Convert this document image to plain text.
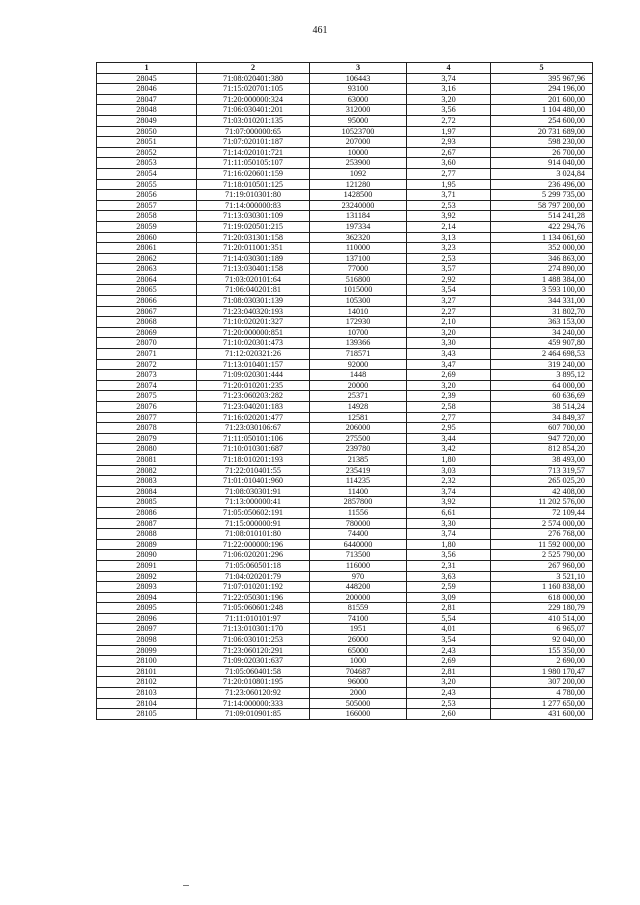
461
1	2	3	4	5
28045	71:08:020401:380	106443	3,74	395 967,96
28046	71:15:020701:105	93100	3,16	294 196,00
28047	71:20:000000:324	63000	3,20	201 600,00
28048	71:06:030401:201	312000	3,56	1 104 480,00
28049	71:03:010201:135	95000	2,72	254 600,00
28050	71:07:000000:65	10523700	1,97	20 731 689,00
28051	71:07:020101:187	207000	2,93	598 230,00
28052	71:14:020101:721	10000	2,67	26 700,00
28053	71:11:050105:107	253900	3,60	914 040,00
28054	71:16:020601:159	1092	2,77	3 024,84
28055	71:18:010501:125	121280	1,95	236 496,00
28056	71:19:010301:80	1428500	3,71	5 299 735,00
28057	71:14:000000:83	23240000	2,53	58 797 200,00
28058	71:13:030301:109	131184	3,92	514 241,28
28059	71:19:020501:215	197334	2,14	422 294,76
28060	71:20:031301:158	362320	3,13	1 134 061,60
28061	71:20:011001:351	110000	3,23	352 000,00
28062	71:14:030301:189	137100	2,53	346 863,00
28063	71:13:030401:158	77000	3,57	274 890,00
28064	71:03:020101:64	516800	2,92	1 488 384,00
28065	71:06:040201:81	1015000	3,54	3 593 100,00
28066	71:08:030301:139	105300	3,27	344 331,00
28067	71:23:040320:193	14010	2,27	31 802,70
28068	71:10:020201:327	172930	2,10	363 153,00
28069	71:20:000000:851	10700	3,20	34 240,00
28070	71:10:020301:473	139366	3,30	459 907,80
28071	71:12:020321:26	718571	3,43	2 464 698,53
28072	71:13:010401:157	92000	3,47	319 240,00
28073	71:09:020301:444	1448	2,69	3 895,12
28074	71:20:010201:235	20000	3,20	64 000,00
28075	71:23:060203:282	25371	2,39	60 636,69
28076	71:23:040201:183	14928	2,58	38 514,24
28077	71:16:020201:477	12581	2,77	34 849,37
28078	71:23:030106:67	206000	2,95	607 700,00
28079	71:11:050101:106	275500	3,44	947 720,00
28080	71:10:010301:687	239780	3,42	812 854,20
28081	71:18:010201:193	21385	1,80	38 493,00
28082	71:22:010401:55	235419	3,03	713 319,57
28083	71:01:010401:960	114235	2,32	265 025,20
28084	71:08:030301:91	11400	3,74	42 408,00
28085	71:13:000000:41	2857800	3,92	11 202 576,00
28086	71:05:050602:191	11556	6,61	72 109,44
28087	71:15:000000:91	780000	3,30	2 574 000,00
28088	71:08:010101:80	74400	3,74	276 768,00
28089	71:22:000000:196	6440000	1,80	11 592 000,00
28090	71:06:020201:296	713500	3,56	2 525 790,00
28091	71:05:060501:18	116000	2,31	267 960,00
28092	71:04:020201:79	970	3,63	3 521,10
28093	71:07:010201:192	448200	2,59	1 160 838,00
28094	71:22:050301:196	200000	3,09	618 000,00
28095	71:05:060601:248	81559	2,81	229 180,79
28096	71:11:010101:97	74100	5,54	410 514,00
28097	71:13:010301:170	1951	4,01	6 965,07
28098	71:06:030101:253	26000	3,54	92 040,00
28099	71:23:060120:291	65000	2,43	155 350,00
28100	71:09:020301:637	1000	2,69	2 690,00
28101	71:05:060401:58	704687	2,81	1 980 170,47
28102	71:20:010801:195	96000	3,20	307 200,00
28103	71:23:060120:92	2000	2,43	4 780,00
28104	71:14:000000:333	505000	2,53	1 277 650,00
28105	71:09:010901:85	166000	2,60	431 600,00
